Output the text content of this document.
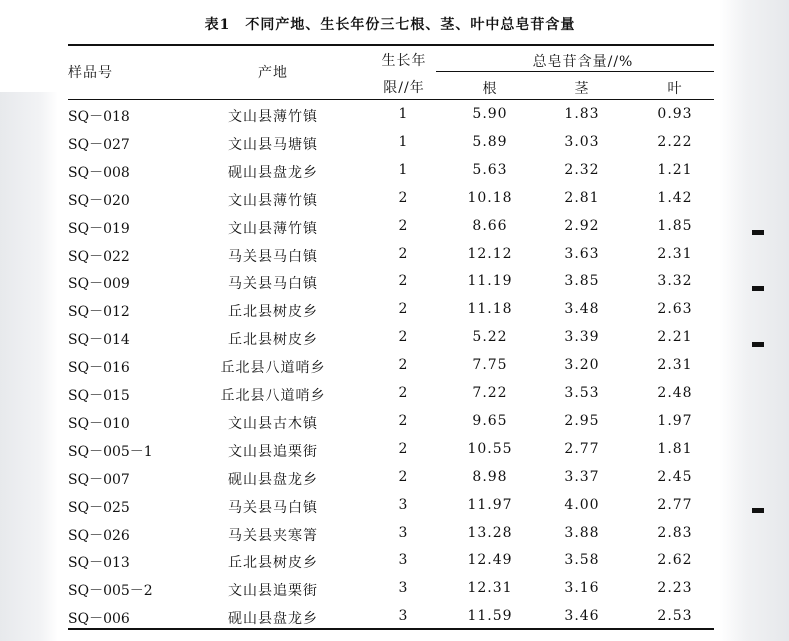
表1　不同产地、生长年份三七根、茎、叶中总皂苷含量
样品号	产地
生长年
限//年
总皂苷含量//%
根	茎	叶
SQ－018	文山县薄竹镇	1	5.90	1.83	0.93
SQ－027	文山县马塘镇	1	5.89	3.03	2.22
SQ－008	砚山县盘龙乡	1	5.63	2.32	1.21
SQ－020	文山县薄竹镇	2	10.18	2.81	1.42
SQ－019	文山县薄竹镇	2	8.66	2.92	1.85
SQ－022	马关县马白镇	2	12.12	3.63	2.31
SQ－009	马关县马白镇	2	11.19	3.85	3.32
SQ－012	丘北县树皮乡	2	11.18	3.48	2.63
SQ－014	丘北县树皮乡	2	5.22	3.39	2.21
SQ－016	丘北县八道哨乡	2	7.75	3.20	2.31
SQ－015	丘北县八道哨乡	2	7.22	3.53	2.48
SQ－010	文山县古木镇	2	9.65	2.95	1.97
SQ－005－1	文山县追栗街	2	10.55	2.77	1.81
SQ－007	砚山县盘龙乡	2	8.98	3.37	2.45
SQ－025	马关县马白镇	3	11.97	4.00	2.77
SQ－026	马关县夹寒箐	3	13.28	3.88	2.83
SQ－013	丘北县树皮乡	3	12.49	3.58	2.62
SQ－005－2	文山县追栗街	3	12.31	3.16	2.23
SQ－006	砚山县盘龙乡	3	11.59	3.46	2.53
